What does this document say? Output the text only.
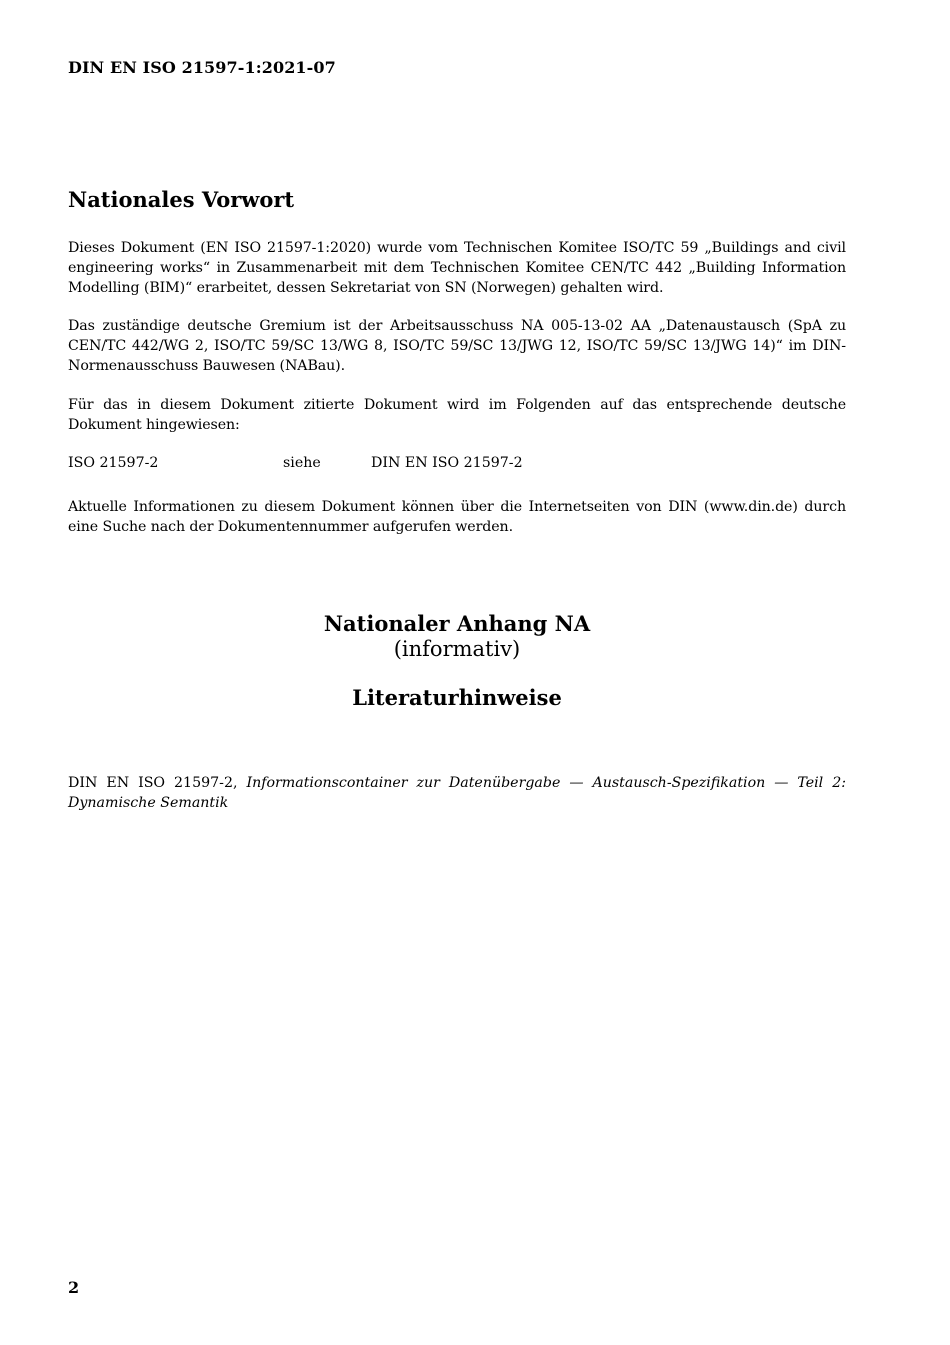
DIN EN ISO 21597-1:2021-07
Nationales Vorwort

Dieses Dokument (EN ISO 21597-1:2020) wurde vom Technischen Komitee ISO/TC 59 „Buildings and civil engineering works“ in Zusammenarbeit mit dem Technischen Komitee CEN/TC 442 „Building Information Modelling (BIM)“ erarbeitet, dessen Sekretariat von SN (Norwegen) gehalten wird.

Das zuständige deutsche Gremium ist der Arbeitsausschuss NA 005-13-02 AA „Datenaustausch (SpA zu CEN/TC 442/WG 2, ISO/TC 59/SC 13/WG 8, ISO/TC 59/SC 13/JWG 12, ISO/TC 59/SC 13/JWG 14)“ im DIN-Normenausschuss Bauwesen (NABau).

Für das in diesem Dokument zitierte Dokument wird im Folgenden auf das entsprechende deutsche Dokument hingewiesen:

ISO 21597-2	siehe	DIN EN ISO 21597-2

Aktuelle Informationen zu diesem Dokument können über die Internetseiten von DIN (www.din.de) durch eine Suche nach der Dokumentennummer aufgerufen werden.

Nationaler Anhang NA
(informativ)
Literaturhinweise

DIN EN ISO 21597-2, Informationscontainer zur Datenübergabe — Austausch-Spezifikation — Teil 2: Dynamische Semantik

2
